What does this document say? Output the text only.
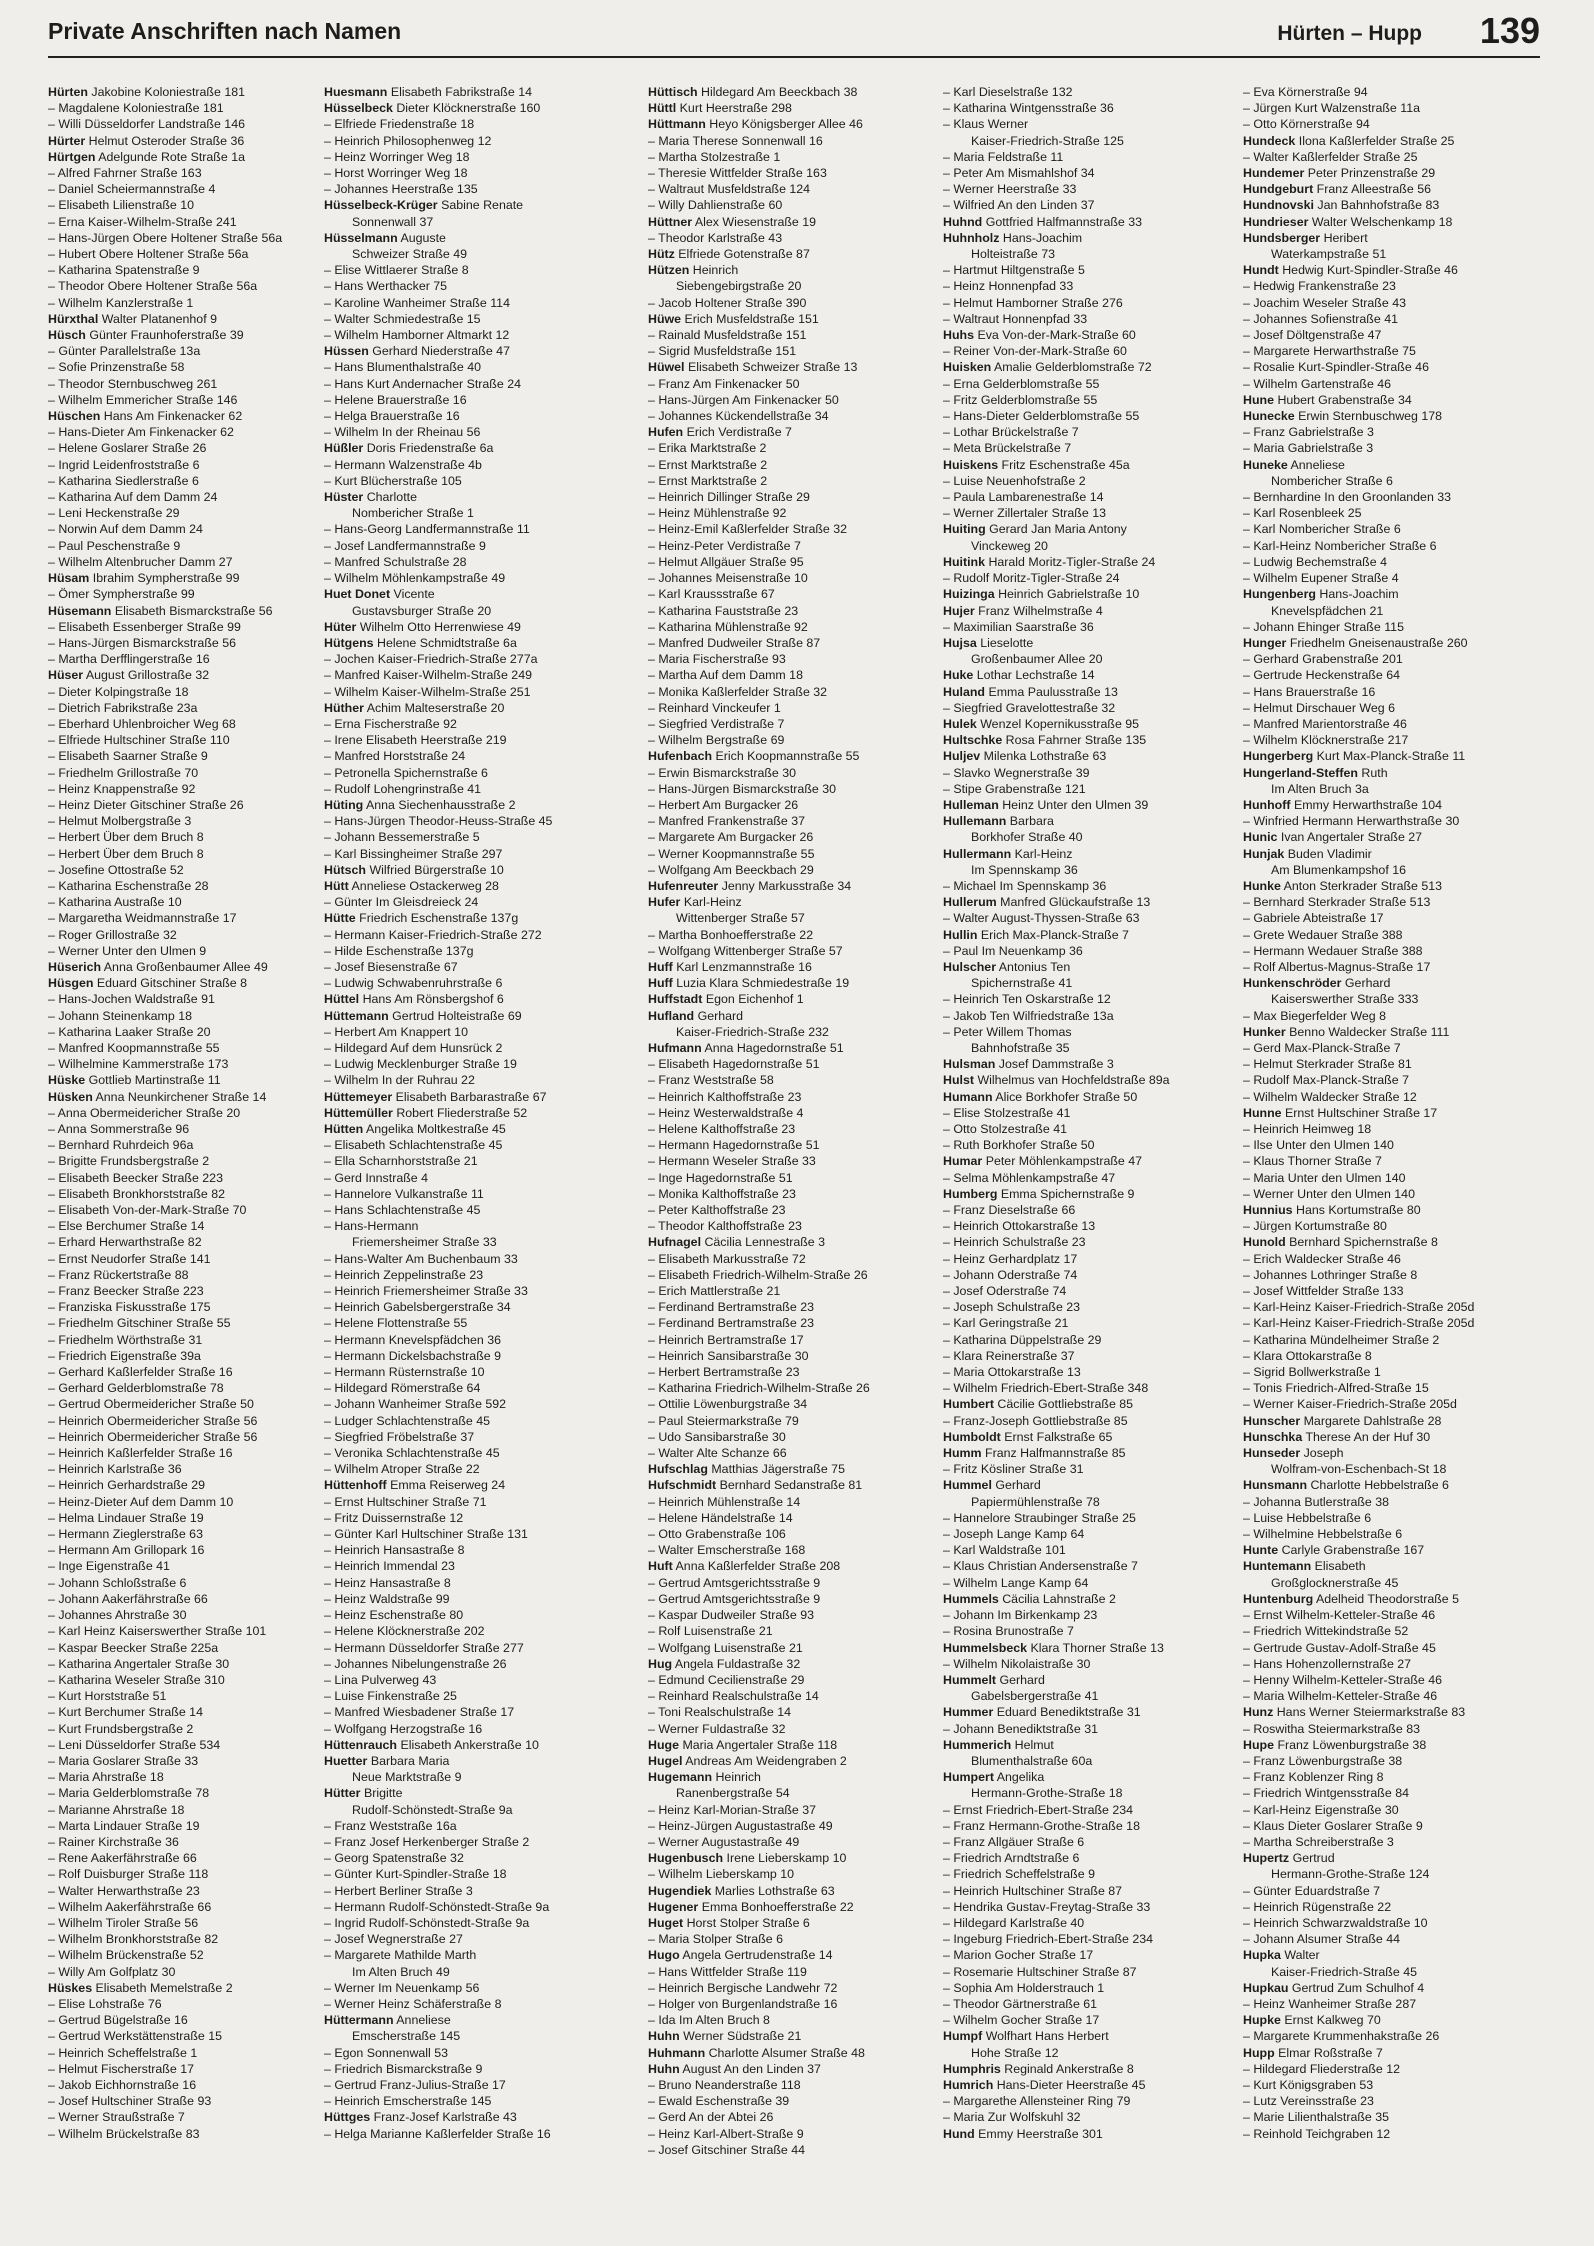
Private Anschriften nach Namen	Hürten – Hupp 139
Hürten Jakobine Koloniestraße 181
– Magdalene Koloniestraße 181
– Willi Düsseldorfer Landstraße 146
Hürter Helmut Osteroder Straße 36
Hürtgen Adelgunde Rote Straße 1a
– Alfred Fahrner Straße 163
– Daniel Scheiermannstraße 4
– Elisabeth Lilienstraße 10
– Erna Kaiser-Wilhelm-Straße 241
– Hans-Jürgen Obere Holtener Straße 56a
– Hubert Obere Holtener Straße 56a
– Katharina Spatenstraße 9
– Theodor Obere Holtener Straße 56a
– Wilhelm Kanzlerstraße 1
Hürxthal Walter Platanenhof 9
Hüsch Günter Fraunhoferstraße 39
– Günter Parallelstraße 13a
– Sofie Prinzenstraße 58
– Theodor Sternbuschweg 261
– Wilhelm Emmericher Straße 146
Hüschen Hans Am Finkenacker 62
– Hans-Dieter Am Finkenacker 62
– Helene Goslarer Straße 26
– Ingrid Leidenfroststraße 6
– Katharina Siedlerstraße 6
– Katharina Auf dem Damm 24
– Leni Heckenstraße 29
– Norwin Auf dem Damm 24
– Paul Peschenstraße 9
– Wilhelm Altenbrucher Damm 27
Hüsam Ibrahim Sympherstraße 99
– Ömer Sympherstraße 99
Hüsemann Elisabeth Bismarckstraße 56
– Elisabeth Essenberger Straße 99
– Hans-Jürgen Bismarckstraße 56
– Martha Derfflingerstraße 16
Hüser August Grillostraße 32
– Dieter Kolpingstraße 18
– Dietrich Fabrikstraße 23a
– Eberhard Uhlenbroicher Weg 68
– Elfriede Hultschiner Straße 110
– Elisabeth Saarner Straße 9
– Friedhelm Grillostraße 70
– Heinz Knappenstraße 92
– Heinz Dieter Gitschiner Straße 26
– Helmut Molbergstraße 3
– Herbert Über dem Bruch 8
– Herbert Über dem Bruch 8
– Josefine Ottostraße 52
– Katharina Eschenstraße 28
– Katharina Austraße 10
– Margaretha Weidmannstraße 17
– Roger Grillostraße 32
– Werner Unter den Ulmen 9
Hüserich Anna Großenbaumer Allee 49
Hüsgen Eduard Gitschiner Straße 8
– Hans-Jochen Waldstraße 91
– Johann Steinenkamp 18
– Katharina Laaker Straße 20
– Manfred Koopmannstraße 55
– Wilhelmine Kammerstraße 173
Hüske Gottlieb Martinstraße 11
Hüsken Anna Neunkirchener Straße 14
– Anna Obermeidericher Straße 20
– Anna Sommerstraße 96
– Bernhard Ruhrdeich 96a
– Brigitte Frundsbergstraße 2
– Elisabeth Beecker Straße 223
– Elisabeth Bronkhorststraße 82
– Elisabeth Von-der-Mark-Straße 70
– Else Berchumer Straße 14
– Erhard Herwarthstraße 82
– Ernst Neudorfer Straße 141
– Franz Rückertstraße 88
– Franz Beecker Straße 223
– Franziska Fiskusstraße 175
– Friedhelm Gitschiner Straße 55
– Friedhelm Wörthstraße 31
– Friedrich Eigenstraße 39a
– Gerhard Kaßlerfelder Straße 16
– Gerhard Gelderblomstraße 78
– Gertrud Obermeidericher Straße 50
– Heinrich Obermeidericher Straße 56
– Heinrich Obermeidericher Straße 56
– Heinrich Kaßlerfelder Straße 16
– Heinrich Karlstraße 36
– Heinrich Gerhardstraße 29
– Heinz-Dieter Auf dem Damm 10
– Helma Lindauer Straße 19
– Hermann Zieglerstraße 63
– Hermann Am Grillopark 16
– Inge Eigenstraße 41
– Johann Schloßstraße 6
– Johann Aakerfährstraße 66
– Johannes Ahrstraße 30
– Karl Heinz Kaiserswerther Straße 101
– Kaspar Beecker Straße 225a
– Katharina Angertaler Straße 30
– Katharina Weseler Straße 310
– Kurt Horststraße 51
– Kurt Berchumer Straße 14
– Kurt Frundsbergstraße 2
– Leni Düsseldorfer Straße 534
– Maria Goslarer Straße 33
– Maria Ahrstraße 18
– Maria Gelderblomstraße 78
– Marianne Ahrstraße 18
– Marta Lindauer Straße 19
– Rainer Kirchstraße 36
– Rene Aakerfährstraße 66
– Rolf Duisburger Straße 118
– Walter Herwarthstraße 23
– Wilhelm Aakerfährstraße 66
– Wilhelm Tiroler Straße 56
– Wilhelm Bronkhorststraße 82
– Wilhelm Brückenstraße 52
– Willy Am Golfplatz 30
Hüskes Elisabeth Memelstraße 2
– Elise Lohstraße 76
– Gertrud Bügelstraße 16
– Gertrud Werkstättenstraße 15
– Heinrich Scheffelstraße 1
– Helmut Fischerstraße 17
– Jakob Eichhornstraße 16
– Josef Hultschiner Straße 93
– Werner Straußstraße 7
– Wilhelm Brückelstraße 83
Huesmann Elisabeth Fabrikstraße 14
Hüsselbeck Dieter Klöcknerstraße 160
– Elfriede Friedenstraße 18
– Heinrich Philosophenweg 12
– Heinz Worringer Weg 18
– Horst Worringer Weg 18
– Johannes Heerstraße 135
Hüsselbeck-Krüger Sabine Renate
Sonnenwall 37
Hüsselmann Auguste
Schweizer Straße 49
– Elise Wittlaerer Straße 8
– Hans Werthacker 75
– Karoline Wanheimer Straße 114
– Walter Schmiedestraße 15
– Wilhelm Hamborner Altmarkt 12
Hüssen Gerhard Niederstraße 47
– Hans Blumenthalstraße 40
– Hans Kurt Andernacher Straße 24
– Helene Brauerstraße 16
– Helga Brauerstraße 16
– Wilhelm In der Rheinau 56
Hüßler Doris Friedenstraße 6a
– Hermann Walzenstraße 4b
– Kurt Blücherstraße 105
Hüster Charlotte
Nombericher Straße 1
– Hans-Georg Landfermannstraße 11
– Josef Landfermannstraße 9
– Manfred Schulstraße 28
– Wilhelm Möhlenkampstraße 49
Huet Donet Vicente
Gustavsburger Straße 20
Hüter Wilhelm Otto Herrenwiese 49
Hütgens Helene Schmidtstraße 6a
– Jochen Kaiser-Friedrich-Straße 277a
– Manfred Kaiser-Wilhelm-Straße 249
– Wilhelm Kaiser-Wilhelm-Straße 251
Hüther Achim Malteserstraße 20
– Erna Fischerstraße 92
– Irene Elisabeth Heerstraße 219
– Manfred Horststraße 24
– Petronella Spichernstraße 6
– Rudolf Lohengrinstraße 41
Hüting Anna Siechenhausstraße 2
– Hans-Jürgen Theodor-Heuss-Straße 45
– Johann Bessemerstraße 5
– Karl Bissingheimer Straße 297
Hütsch Wilfried Bürgerstraße 10
Hütt Anneliese Ostackerweg 28
– Günter Im Gleisdreieck 24
Hütte Friedrich Eschenstraße 137g
– Hermann Kaiser-Friedrich-Straße 272
– Hilde Eschenstraße 137g
– Josef Biesenstraße 67
– Ludwig Schwabenruhrstraße 6
Hüttel Hans Am Rönsbergshof 6
Hüttemann Gertrud Holteistraße 69
– Herbert Am Knappert 10
– Hildegard Auf dem Hunsrück 2
– Ludwig Mecklenburger Straße 19
– Wilhelm In der Ruhrau 22
Hüttemeyer Elisabeth Barbarastraße 67
Hüttemüller Robert Fliederstraße 52
Hütten Angelika Moltkestraße 45
– Elisabeth Schlachtenstraße 45
– Ella Scharnhorststraße 21
– Gerd Innstraße 4
– Hannelore Vulkanstraße 11
– Hans Schlachtenstraße 45
– Hans-Hermann
Friemersheimer Straße 33
– Hans-Walter Am Buchenbaum 33
– Heinrich Zeppelinstraße 23
– Heinrich Friemersheimer Straße 33
– Heinrich Gabelsbergerstraße 34
– Helene Flottenstraße 55
– Hermann Knevelspfädchen 36
– Hermann Dickelsbachstraße 9
– Hermann Rüsternstraße 10
– Hildegard Römerstraße 64
– Johann Wanheimer Straße 592
– Ludger Schlachtenstraße 45
– Siegfried Fröbelstraße 37
– Veronika Schlachtenstraße 45
– Wilhelm Atroper Straße 22
Hüttenhoff Emma Reiserweg 24
– Ernst Hultschiner Straße 71
– Fritz Duissernstraße 12
– Günter Karl Hultschiner Straße 131
– Heinrich Hansastraße 8
– Heinrich Immendal 23
– Heinz Hansastraße 8
– Heinz Waldstraße 99
– Heinz Eschenstraße 80
– Helene Klöcknerstraße 202
– Hermann Düsseldorfer Straße 277
– Johannes Nibelungenstraße 26
– Lina Pulverweg 43
– Luise Finkenstraße 25
– Manfred Wiesbadener Straße 17
– Wolfgang Herzogstraße 16
Hüttenrauch Elisabeth Ankerstraße 10
Huetter Barbara Maria
Neue Marktstraße 9
Hütter Brigitte
Rudolf-Schönstedt-Straße 9a
– Franz Weststraße 16a
– Franz Josef Herkenberger Straße 2
– Georg Spatenstraße 32
– Günter Kurt-Spindler-Straße 18
– Herbert Berliner Straße 3
– Hermann Rudolf-Schönstedt-Straße 9a
– Ingrid Rudolf-Schönstedt-Straße 9a
– Josef Wegnerstraße 27
– Margarete Mathilde Marth
Im Alten Bruch 49
– Werner Im Neuenkamp 56
– Werner Heinz Schäferstraße 8
Hüttermann Anneliese
Emscherstraße 145
– Egon Sonnenwall 53
– Friedrich Bismarckstraße 9
– Gertrud Franz-Julius-Straße 17
– Heinrich Emscherstraße 145
Hüttges Franz-Josef Karlstraße 43
– Helga Marianne Kaßlerfelder Straße 16
Hüttisch Hildegard Am Beeckbach 38
Hüttl Kurt Heerstraße 298
Hüttmann Heyo Königsberger Allee 46
– Maria Therese Sonnenwall 16
– Martha Stolzestraße 1
– Theresie Wittfelder Straße 163
– Waltraut Musfeldstraße 124
– Willy Dahlienstraße 60
Hüttner Alex Wiesenstraße 19
– Theodor Karlstraße 43
Hütz Elfriede Gotenstraße 87
Hützen Heinrich
Siebengebirgstraße 20
– Jacob Holtener Straße 390
Hüwe Erich Musfeldstraße 151
– Rainald Musfeldstraße 151
– Sigrid Musfeldstraße 151
Hüwel Elisabeth Schweizer Straße 13
– Franz Am Finkenacker 50
– Hans-Jürgen Am Finkenacker 50
– Johannes Kückendellstraße 34
Hufen Erich Verdistraße 7
– Erika Marktstraße 2
– Ernst Marktstraße 2
– Ernst Marktstraße 2
– Heinrich Dillinger Straße 29
– Heinz Mühlenstraße 92
– Heinz-Emil Kaßlerfelder Straße 32
– Heinz-Peter Verdistraße 7
– Helmut Allgäuer Straße 95
– Johannes Meisenstraße 10
– Karl Kraussstraße 67
– Katharina Fauststraße 23
– Katharina Mühlenstraße 92
– Manfred Dudweiler Straße 87
– Maria Fischerstraße 93
– Martha Auf dem Damm 18
– Monika Kaßlerfelder Straße 32
– Reinhard Vinckeufer 1
– Siegfried Verdistraße 7
– Wilhelm Bergstraße 69
Hufenbach Erich Koopmannstraße 55
– Erwin Bismarckstraße 30
– Hans-Jürgen Bismarckstraße 30
– Herbert Am Burgacker 26
– Manfred Frankenstraße 37
– Margarete Am Burgacker 26
– Werner Koopmannstraße 55
– Wolfgang Am Beeckbach 29
Hufenreuter Jenny Markusstraße 34
Hufer Karl-Heinz
Wittenberger Straße 57
– Martha Bonhoefferstraße 22
– Wolfgang Wittenberger Straße 57
Huff Karl Lenzmannstraße 16
Huff Luzia Klara Schmiedestraße 19
Huffstadt Egon Eichenhof 1
Hufland Gerhard
Kaiser-Friedrich-Straße 232
Hufmann Anna Hagedornstraße 51
– Elisabeth Hagedornstraße 51
– Franz Weststraße 58
– Heinrich Kalthoffstraße 23
– Heinz Westerwaldstraße 4
– Helene Kalthoffstraße 23
– Hermann Hagedornstraße 51
– Hermann Weseler Straße 33
– Inge Hagedornstraße 51
– Monika Kalthoffstraße 23
– Peter Kalthoffstraße 23
– Theodor Kalthoffstraße 23
Hufnagel Cäcilia Lennestraße 3
– Elisabeth Markusstraße 72
– Elisabeth Friedrich-Wilhelm-Straße 26
– Erich Mattlerstraße 21
– Ferdinand Bertramstraße 23
– Ferdinand Bertramstraße 23
– Heinrich Bertramstraße 17
– Heinrich Sansibarstraße 30
– Herbert Bertramstraße 23
– Katharina Friedrich-Wilhelm-Straße 26
– Ottilie Löwenburgstraße 34
– Paul Steiermarkstraße 79
– Udo Sansibarstraße 30
– Walter Alte Schanze 66
Hufschlag Matthias Jägerstraße 75
Hufschmidt Bernhard Sedanstraße 81
– Heinrich Mühlenstraße 14
– Helene Händelstraße 14
– Otto Grabenstraße 106
– Walter Emscherstraße 168
Huft Anna Kaßlerfelder Straße 208
– Gertrud Amtsgerichtsstraße 9
– Gertrud Amtsgerichtsstraße 9
– Kaspar Dudweiler Straße 93
– Rolf Luisenstraße 21
– Wolfgang Luisenstraße 21
Hug Angela Fuldastraße 32
– Edmund Cecilienstraße 29
– Reinhard Realschulstraße 14
– Toni Realschulstraße 14
– Werner Fuldastraße 32
Huge Maria Angertaler Straße 118
Hugel Andreas Am Weidengraben 2
Hugemann Heinrich
Ranenbergstraße 54
– Heinz Karl-Morian-Straße 37
– Heinz-Jürgen Augustastraße 49
– Werner Augustastraße 49
Hugenbusch Irene Lieberskamp 10
– Wilhelm Lieberskamp 10
Hugendiek Marlies Lothstraße 63
Hugener Emma Bonhoefferstraße 22
Huget Horst Stolper Straße 6
– Maria Stolper Straße 6
Hugo Angela Gertrudenstraße 14
– Hans Wittfelder Straße 119
– Heinrich Bergische Landwehr 72
– Holger von Burgenlandstraße 16
– Ida Im Alten Bruch 8
Huhn Werner Südstraße 21
Huhmann Charlotte Alsumer Straße 48
Huhn August An den Linden 37
– Bruno Neanderstraße 118
– Ewald Eschenstraße 39
– Gerd An der Abtei 26
– Heinz Karl-Albert-Straße 9
– Josef Gitschiner Straße 44
– Karl Dieselstraße 132
– Katharina Wintgensstraße 36
– Klaus Werner
Kaiser-Friedrich-Straße 125
– Maria Feldstraße 11
– Peter Am Mismahlshof 34
– Werner Heerstraße 33
– Wilfried An den Linden 37
Huhnd Gottfried Halfmannstraße 33
Huhnholz Hans-Joachim
Holteistraße 73
– Hartmut Hiltgenstraße 5
– Heinz Honnenpfad 33
– Helmut Hamborner Straße 276
– Waltraut Honnenpfad 33
Huhs Eva Von-der-Mark-Straße 60
– Reiner Von-der-Mark-Straße 60
Huisken Amalie Gelderblomstraße 72
– Erna Gelderblomstraße 55
– Fritz Gelderblomstraße 55
– Hans-Dieter Gelderblomstraße 55
– Lothar Brückelstraße 7
– Meta Brückelstraße 7
Huiskens Fritz Eschenstraße 45a
– Luise Neuenhofstraße 2
– Paula Lambarenestraße 14
– Werner Zillertaler Straße 13
Huiting Gerard Jan Maria Antony
Vinckeweg 20
Huitink Harald Moritz-Tigler-Straße 24
– Rudolf Moritz-Tigler-Straße 24
Huizinga Heinrich Gabrielstraße 10
Hujer Franz Wilhelmstraße 4
– Maximilian Saarstraße 36
Hujsa Lieselotte
Großenbaumer Allee 20
Huke Lothar Lechstraße 14
Huland Emma Paulusstraße 13
– Siegfried Gravelottestraße 32
Hulek Wenzel Kopernikusstraße 95
Hultschke Rosa Fahrner Straße 135
Huljev Milenka Lothstraße 63
– Slavko Wegnerstraße 39
– Stipe Grabenstraße 121
Hulleman Heinz Unter den Ulmen 39
Hullemann Barbara
Borkhofer Straße 40
Hullermann Karl-Heinz
Im Spennskamp 36
– Michael Im Spennskamp 36
Hullerum Manfred Glückaufstraße 13
– Walter August-Thyssen-Straße 63
Hullin Erich Max-Planck-Straße 7
– Paul Im Neuenkamp 36
Hulscher Antonius Ten
Spichernstraße 41
– Heinrich Ten Oskarstraße 12
– Jakob Ten Wilfriedstraße 13a
– Peter Willem Thomas
Bahnhofstraße 35
Hulsman Josef Dammstraße 3
Hulst Wilhelmus van Hochfeldstraße 89a
Humann Alice Borkhofer Straße 50
– Elise Stolzestraße 41
– Otto Stolzestraße 41
– Ruth Borkhofer Straße 50
Humar Peter Möhlenkampstraße 47
– Selma Möhlenkampstraße 47
Humberg Emma Spichernstraße 9
– Franz Dieselstraße 66
– Heinrich Ottokarstraße 13
– Heinrich Schulstraße 23
– Heinz Gerhardplatz 17
– Johann Oderstraße 74
– Josef Oderstraße 74
– Joseph Schulstraße 23
– Karl Geringstraße 21
– Katharina Düppelstraße 29
– Klara Reinerstraße 37
– Maria Ottokarstraße 13
– Wilhelm Friedrich-Ebert-Straße 348
Humbert Cäcilie Gottliebstraße 85
– Franz-Joseph Gottliebstraße 85
Humboldt Ernst Falkstraße 65
Humm Franz Halfmannstraße 85
– Fritz Kösliner Straße 31
Hummel Gerhard
Papiermühlenstraße 78
– Hannelore Straubinger Straße 25
– Joseph Lange Kamp 64
– Karl Waldstraße 101
– Klaus Christian Andersenstraße 7
– Wilhelm Lange Kamp 64
Hummels Cäcilia Lahnstraße 2
– Johann Im Birkenkamp 23
– Rosina Brunostraße 7
Hummelsbeck Klara Thorner Straße 13
– Wilhelm Nikolaistraße 30
Hummelt Gerhard
Gabelsbergerstraße 41
Hummer Eduard Benediktstraße 31
– Johann Benediktstraße 31
Hummerich Helmut
Blumenthalstraße 60a
Humpert Angelika
Hermann-Grothe-Straße 18
– Ernst Friedrich-Ebert-Straße 234
– Franz Hermann-Grothe-Straße 18
– Franz Allgäuer Straße 6
– Friedrich Arndtstraße 6
– Friedrich Scheffelstraße 9
– Heinrich Hultschiner Straße 87
– Hendrika Gustav-Freytag-Straße 33
– Hildegard Karlstraße 40
– Ingeburg Friedrich-Ebert-Straße 234
– Marion Gocher Straße 17
– Rosemarie Hultschiner Straße 87
– Sophia Am Holderstrauch 1
– Theodor Gärtnerstraße 61
– Wilhelm Gocher Straße 17
Humpf Wolfhart Hans Herbert
Hohe Straße 12
Humphris Reginald Ankerstraße 8
Humrich Hans-Dieter Heerstraße 45
– Margarethe Allensteiner Ring 79
– Maria Zur Wolfskuhl 32
Hund Emmy Heerstraße 301
– Eva Körnerstraße 94
– Jürgen Kurt Walzenstraße 11a
– Otto Körnerstraße 94
Hundeck Ilona Kaßlerfelder Straße 25
– Walter Kaßlerfelder Straße 25
Hundemer Peter Prinzenstraße 29
Hundgeburt Franz Alleestraße 56
Hundnovski Jan Bahnhofstraße 83
Hundrieser Walter Welschenkamp 18
Hundsberger Heribert
Waterkampstraße 51
Hundt Hedwig Kurt-Spindler-Straße 46
– Hedwig Frankenstraße 23
– Joachim Weseler Straße 43
– Johannes Sofienstraße 41
– Josef Döltgenstraße 47
– Margarete Herwarthstraße 75
– Rosalie Kurt-Spindler-Straße 46
– Wilhelm Gartenstraße 46
Hune Hubert Grabenstraße 34
Hunecke Erwin Sternbuschweg 178
– Franz Gabrielstraße 3
– Maria Gabrielstraße 3
Huneke Anneliese
Nombericher Straße 6
– Bernhardine In den Groonlanden 33
– Karl Rosenbleek 25
– Karl Nombericher Straße 6
– Karl-Heinz Nombericher Straße 6
– Ludwig Bechemstraße 4
– Wilhelm Eupener Straße 4
Hungenberg Hans-Joachim
Knevelspfädchen 21
– Johann Ehinger Straße 115
Hunger Friedhelm Gneisenaustraße 260
– Gerhard Grabenstraße 201
– Gertrude Heckenstraße 64
– Hans Brauerstraße 16
– Helmut Dirschauer Weg 6
– Manfred Marientorstraße 46
– Wilhelm Klöcknerstraße 217
Hungerberg Kurt Max-Planck-Straße 11
Hungerland-Steffen Ruth
Im Alten Bruch 3a
Hunhoff Emmy Herwarthstraße 104
– Winfried Hermann Herwarthstraße 30
Hunic Ivan Angertaler Straße 27
Hunjak Buden Vladimir
Am Blumenkampshof 16
Hunke Anton Sterkrader Straße 513
– Bernhard Sterkrader Straße 513
– Gabriele Abteistraße 17
– Grete Wedauer Straße 388
– Hermann Wedauer Straße 388
– Rolf Albertus-Magnus-Straße 17
Hunkenschröder Gerhard
Kaiserswerther Straße 333
– Max Biegerfelder Weg 8
Hunker Benno Waldecker Straße 111
– Gerd Max-Planck-Straße 7
– Helmut Sterkrader Straße 81
– Rudolf Max-Planck-Straße 7
– Wilhelm Waldecker Straße 12
Hunne Ernst Hultschiner Straße 17
– Heinrich Heimweg 18
– Ilse Unter den Ulmen 140
– Klaus Thorner Straße 7
– Maria Unter den Ulmen 140
– Werner Unter den Ulmen 140
Hunnius Hans Kortumstraße 80
– Jürgen Kortumstraße 80
Hunold Bernhard Spichernstraße 8
– Erich Waldecker Straße 46
– Johannes Lothringer Straße 8
– Josef Wittfelder Straße 133
– Karl-Heinz Kaiser-Friedrich-Straße 205d
– Karl-Heinz Kaiser-Friedrich-Straße 205d
– Katharina Mündelheimer Straße 2
– Klara Ottokarstraße 8
– Sigrid Bollwerkstraße 1
– Tonis Friedrich-Alfred-Straße 15
– Werner Kaiser-Friedrich-Straße 205d
Hunscher Margarete Dahlstraße 28
Hunschka Therese An der Huf 30
Hunseder Joseph
Wolfram-von-Eschenbach-St 18
Hunsmann Charlotte Hebbelstraße 6
– Johanna Butlerstraße 38
– Luise Hebbelstraße 6
– Wilhelmine Hebbelstraße 6
Hunte Carlyle Grabenstraße 167
Huntemann Elisabeth
Großglocknerstraße 45
Huntenburg Adelheid Theodorstraße 5
– Ernst Wilhelm-Ketteler-Straße 46
– Friedrich Wittekindstraße 52
– Gertrude Gustav-Adolf-Straße 45
– Hans Hohenzollernstraße 27
– Henny Wilhelm-Ketteler-Straße 46
– Maria Wilhelm-Ketteler-Straße 46
Hunz Hans Werner Steiermarkstraße 83
– Roswitha Steiermarkstraße 83
Hupe Franz Löwenburgstraße 38
– Franz Löwenburgstraße 38
– Franz Koblenzer Ring 8
– Friedrich Wintgensstraße 84
– Karl-Heinz Eigenstraße 30
– Klaus Dieter Goslarer Straße 9
– Martha Schreiberstraße 3
Hupertz Gertrud
Hermann-Grothe-Straße 124
– Günter Eduardstraße 7
– Heinrich Rügenstraße 22
– Heinrich Schwarzwaldstraße 10
– Johann Alsumer Straße 44
Hupka Walter
Kaiser-Friedrich-Straße 45
Hupkau Gertrud Zum Schulhof 4
– Heinz Wanheimer Straße 287
Hupke Ernst Kalkweg 70
– Margarete Krummenhakstraße 26
Hupp Elmar Roßstraße 7
– Hildegard Fliederstraße 12
– Kurt Königsgraben 53
– Lutz Vereinsstraße 23
– Marie Lilienthalstraße 35
– Reinhold Teichgraben 12
